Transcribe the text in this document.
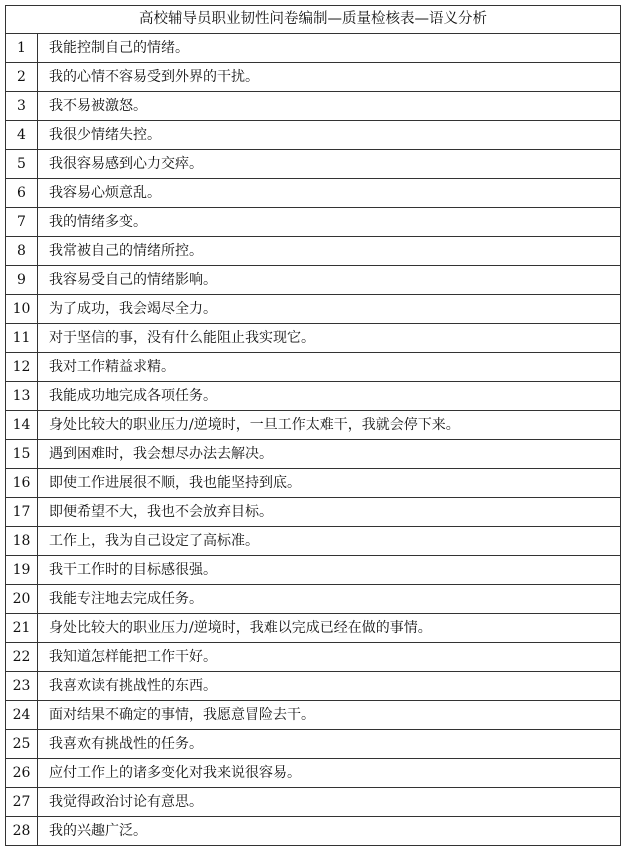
高校辅导员职业韧性问卷编制—质量检核表—语义分析	
1	我能控制自己的情绪。
2	我的心情不容易受到外界的干扰。
3	我不易被激怒。
4	我很少情绪失控。
5	我很容易感到心力交瘁。
6	我容易心烦意乱。
7	我的情绪多变。
8	我常被自己的情绪所控。
9	我容易受自己的情绪影响。
10	为了成功，我会竭尽全力。
11	对于坚信的事，没有什么能阻止我实现它。
12	我对工作精益求精。
13	我能成功地完成各项任务。
14	身处比较大的职业压力/逆境时，一旦工作太难干，我就会停下来。
15	遇到困难时，我会想尽办法去解决。
16	即使工作进展很不顺，我也能坚持到底。
17	即便希望不大，我也不会放弃目标。
18	工作上，我为自己设定了高标准。
19	我干工作时的目标感很强。
20	我能专注地去完成任务。
21	身处比较大的职业压力/逆境时，我难以完成已经在做的事情。
22	我知道怎样能把工作干好。
23	我喜欢读有挑战性的东西。
24	面对结果不确定的事情，我愿意冒险去干。
25	我喜欢有挑战性的任务。
26	应付工作上的诸多变化对我来说很容易。
27	我觉得政治讨论有意思。
28	我的兴趣广泛。
